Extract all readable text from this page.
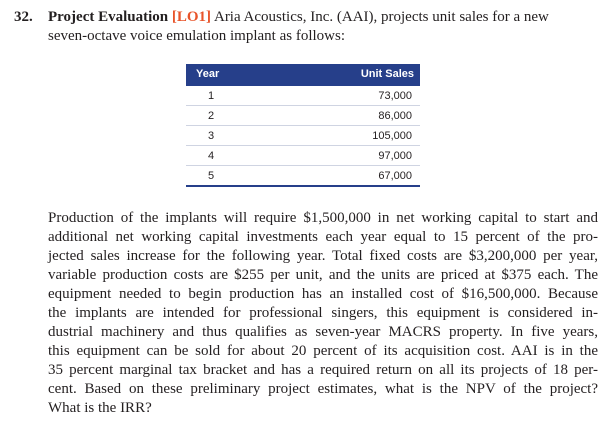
32. Project Evaluation [LO1] Aria Acoustics, Inc. (AAI), projects unit sales for a new
seven-octave voice emulation implant as follows:
Year	Unit Sales
1	73,000
2	86,000
3	105,000
4	97,000
5	67,000
Production of the implants will require $1,500,000 in net working capital to start and
additional net working capital investments each year equal to 15 percent of the pro-
jected sales increase for the following year. Total fixed costs are $3,200,000 per year,
variable production costs are $255 per unit, and the units are priced at $375 each. The
equipment needed to begin production has an installed cost of $16,500,000. Because
the implants are intended for professional singers, this equipment is considered in-
dustrial machinery and thus qualifies as seven-year MACRS property. In five years,
this equipment can be sold for about 20 percent of its acquisition cost. AAI is in the
35 percent marginal tax bracket and has a required return on all its projects of 18 per-
cent. Based on these preliminary project estimates, what is the NPV of the project?
What is the IRR?
